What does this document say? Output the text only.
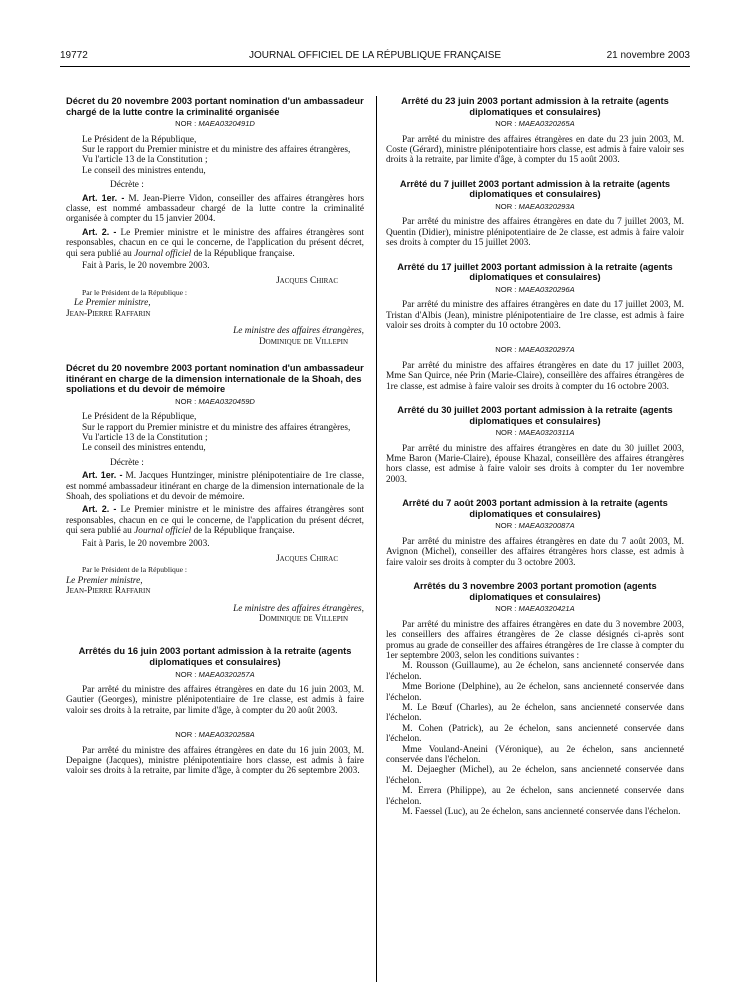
19772	JOURNAL OFFICIEL DE LA RÉPUBLIQUE FRANÇAISE	21 novembre 2003
Décret du 20 novembre 2003 portant nomination d'un ambassadeur chargé de la lutte contre la criminalité organisée
NOR : MAEA0320491D

Le Président de la République,

Sur le rapport du Premier ministre et du ministre des affaires étrangères,

Vu l'article 13 de la Constitution ;

Le conseil des ministres entendu,

Décrète :

Art. 1er. - M. Jean-Pierre Vidon, conseiller des affaires étrangères hors classe, est nommé ambassadeur chargé de la lutte contre la criminalité organisée à compter du 15 janvier 2004.

Art. 2. - Le Premier ministre et le ministre des affaires étrangères sont responsables, chacun en ce qui le concerne, de l'application du présent décret, qui sera publié au Journal officiel de la République française.

Fait à Paris, le 20 novembre 2003.

Jacques Chirac
Par le Président de la République :
Le Premier ministre,
Jean-Pierre Raffarin
Le ministre des affaires étrangères,
Dominique de Villepin
Décret du 20 novembre 2003 portant nomination d'un ambassadeur itinérant en charge de la dimension internationale de la Shoah, des spoliations et du devoir de mémoire
NOR : MAEA0320459D

Le Président de la République,

Sur le rapport du Premier ministre et du ministre des affaires étrangères,

Vu l'article 13 de la Constitution ;

Le conseil des ministres entendu,

Décrète :

Art. 1er. - M. Jacques Huntzinger, ministre plénipotentiaire de 1re classe, est nommé ambassadeur itinérant en charge de la dimension internationale de la Shoah, des spoliations et du devoir de mémoire.

Art. 2. - Le Premier ministre et le ministre des affaires étrangères sont responsables, chacun en ce qui le concerne, de l'application du présent décret, qui sera publié au Journal officiel de la République française.

Fait à Paris, le 20 novembre 2003.

Jacques Chirac
Par le Président de la République :
Le Premier ministre,
Jean-Pierre Raffarin
Le ministre des affaires étrangères,
Dominique de Villepin
Arrêtés du 16 juin 2003 portant admission à la retraite (agents diplomatiques et consulaires)
NOR : MAEA0320257A

Par arrêté du ministre des affaires étrangères en date du 16 juin 2003, M. Gautier (Georges), ministre plénipotentiaire de 1re classe, est admis à faire valoir ses droits à la retraite, par limite d'âge, à compter du 20 août 2003.

NOR : MAEA0320258A

Par arrêté du ministre des affaires étrangères en date du 16 juin 2003, M. Depaigne (Jacques), ministre plénipotentiaire hors classe, est admis à faire valoir ses droits à la retraite, par limite d'âge, à compter du 26 septembre 2003.

Arrêté du 23 juin 2003 portant admission à la retraite (agents diplomatiques et consulaires)
NOR : MAEA0320265A

Par arrêté du ministre des affaires étrangères en date du 23 juin 2003, M. Coste (Gérard), ministre plénipotentiaire hors classe, est admis à faire valoir ses droits à la retraite, par limite d'âge, à compter du 15 août 2003.

Arrêté du 7 juillet 2003 portant admission à la retraite (agents diplomatiques et consulaires)
NOR : MAEA0320293A

Par arrêté du ministre des affaires étrangères en date du 7 juillet 2003, M. Quentin (Didier), ministre plénipotentiaire de 2e classe, est admis à faire valoir ses droits à compter du 15 juillet 2003.

Arrêté du 17 juillet 2003 portant admission à la retraite (agents diplomatiques et consulaires)
NOR : MAEA0320296A

Par arrêté du ministre des affaires étrangères en date du 17 juillet 2003, M. Tristan d'Albis (Jean), ministre plénipotentiaire de 1re classe, est admis à faire valoir ses droits à compter du 10 octobre 2003.

NOR : MAEA0320297A

Par arrêté du ministre des affaires étrangères en date du 17 juillet 2003, Mme San Quirce, née Prin (Marie-Claire), conseillère des affaires étrangères de 1re classe, est admise à faire valoir ses droits à compter du 16 octobre 2003.

Arrêté du 30 juillet 2003 portant admission à la retraite (agents diplomatiques et consulaires)
NOR : MAEA0320311A

Par arrêté du ministre des affaires étrangères en date du 30 juillet 2003, Mme Baron (Marie-Claire), épouse Khazal, conseillère des affaires étrangères hors classe, est admise à faire valoir ses droits à compter du 1er novembre 2003.

Arrêté du 7 août 2003 portant admission à la retraite (agents diplomatiques et consulaires)
NOR : MAEA0320087A

Par arrêté du ministre des affaires étrangères en date du 7 août 2003, M. Avignon (Michel), conseiller des affaires étrangères hors classe, est admis à faire valoir ses droits à compter du 3 octobre 2003.

Arrêtés du 3 novembre 2003 portant promotion (agents diplomatiques et consulaires)
NOR : MAEA0320421A

Par arrêté du ministre des affaires étrangères en date du 3 novembre 2003, les conseillers des affaires étrangères de 2e classe désignés ci-après sont promus au grade de conseiller des affaires étrangères de 1re classe à compter du 1er septembre 2003, selon les conditions suivantes :

M. Rousson (Guillaume), au 2e échelon, sans ancienneté conservée dans l'échelon.

Mme Borione (Delphine), au 2e échelon, sans ancienneté conservée dans l'échelon.

M. Le Bœuf (Charles), au 2e échelon, sans ancienneté conservée dans l'échelon.

M. Cohen (Patrick), au 2e échelon, sans ancienneté conservée dans l'échelon.

Mme Vouland-Aneini (Véronique), au 2e échelon, sans ancienneté conservée dans l'échelon.

M. Dejaegher (Michel), au 2e échelon, sans ancienneté conservée dans l'échelon.

M. Errera (Philippe), au 2e échelon, sans ancienneté conservée dans l'échelon.

M. Faessel (Luc), au 2e échelon, sans ancienneté conservée dans l'échelon.
